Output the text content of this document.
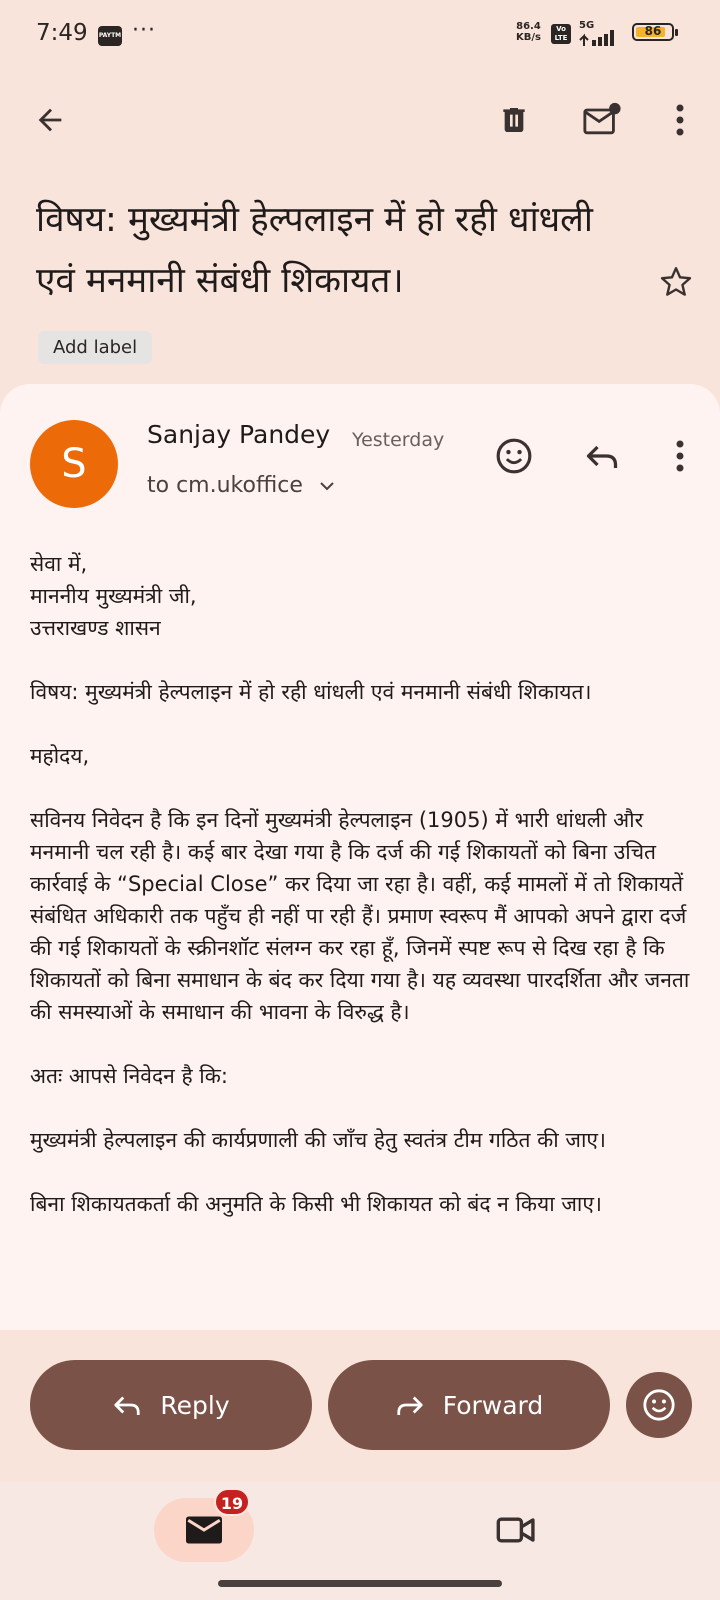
7:49 PAYTM ···	86.4
KB/s
Vo LTE
5G	86
विषय: मुख्यमंत्री हेल्पलाइन में हो रही धांधली एवं मनमानी संबंधी शिकायत।
Add label
S
Sanjay Pandey Yesterday
to cm.ukoffice

सेवा में,
माननीय मुख्यमंत्री जी,
उत्तराखण्ड शासन

विषय: मुख्यमंत्री हेल्पलाइन में हो रही धांधली एवं मनमानी संबंधी शिकायत।

महोदय,

सविनय निवेदन है कि इन दिनों मुख्यमंत्री हेल्पलाइन (1905) में भारी धांधली और मनमानी चल रही है। कई बार देखा गया है कि दर्ज की गई शिकायतों को बिना उचित कार्रवाई के “Special Close” कर दिया जा रहा है। वहीं, कई मामलों में तो शिकायतें संबंधित अधिकारी तक पहुँच ही नहीं पा रही हैं। प्रमाण स्वरूप मैं आपको अपने द्वारा दर्ज की गई शिकायतों के स्क्रीनशॉट संलग्न कर रहा हूँ, जिनमें स्पष्ट रूप से दिख रहा है कि शिकायतों को बिना समाधान के बंद कर दिया गया है। यह व्यवस्था पारदर्शिता और जनता की समस्याओं के समाधान की भावना के विरुद्ध है।

अतः आपसे निवेदन है कि:

मुख्यमंत्री हेल्पलाइन की कार्यप्रणाली की जाँच हेतु स्वतंत्र टीम गठित की जाए।

बिना शिकायतकर्ता की अनुमति के किसी भी शिकायत को बंद न किया जाए।

Reply	Forward
19
